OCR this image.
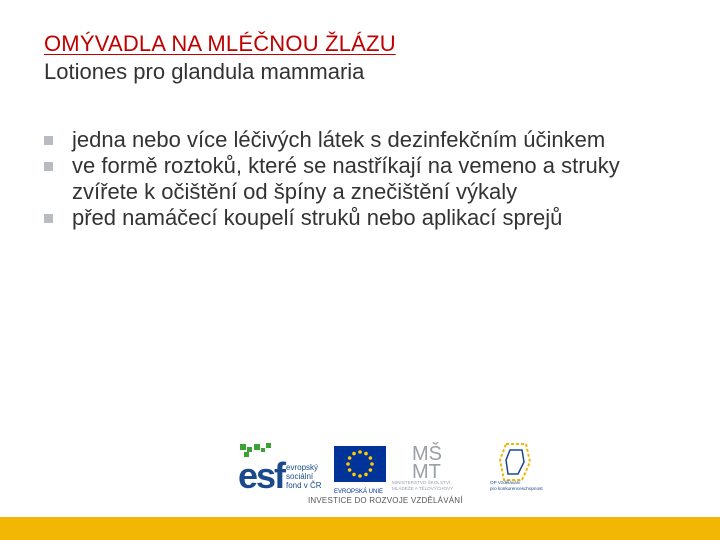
OMÝVADLA NA MLÉČNOU ŽLÁZU
Lotiones pro glandula mammaria
jedna nebo více léčivých látek s dezinfekčním účinkem
ve formě roztoků, které se nastříkají na vemeno a struky zvířete k očištění od špíny a znečištění výkaly
před namáčecí koupelí struků nebo aplikací sprejů
esf evropský
sociální
fond v ČR
EVROPSKÁ UNIE
MŠ
MT
MINISTERSTVO ŠKOLSTVÍ,
MLÁDEŽE A TĚLOVÝCHOVY
OP Vzdělávání
pro konkurenceschopnost
INVESTICE DO ROZVOJE VZDĚLÁVÁNÍ
